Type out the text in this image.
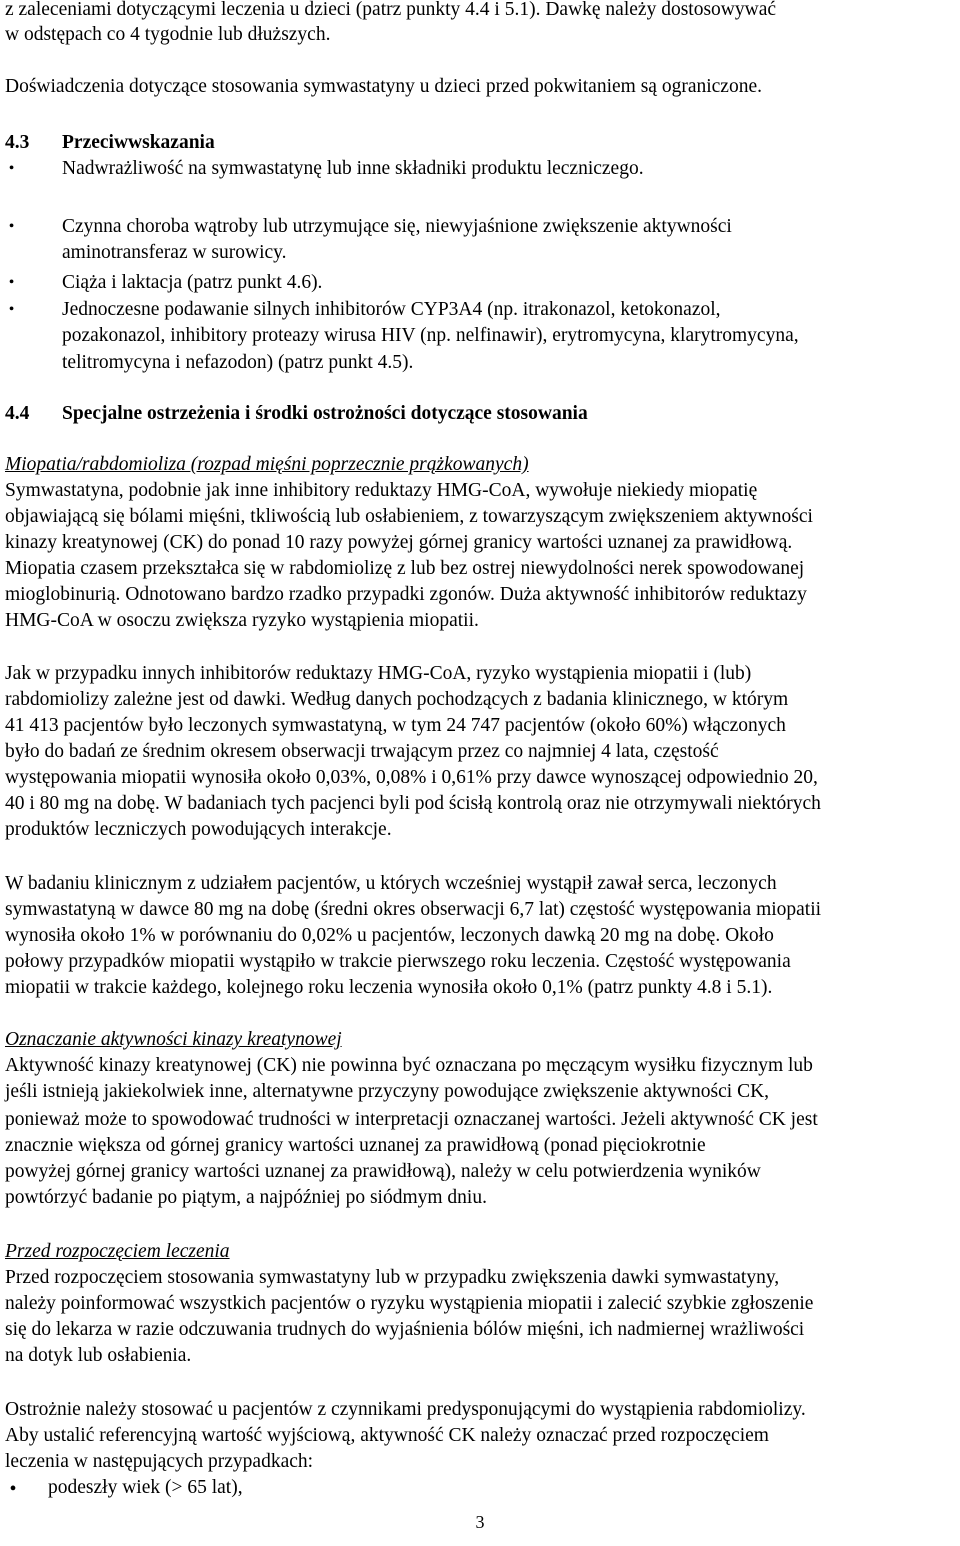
z zaleceniami dotyczącymi leczenia u dzieci (patrz punkty 4.4 i 5.1). Dawkę należy dostosowywać
w odstępach co 4 tygodnie lub dłuższych.
Doświadczenia dotyczące stosowania symwastatyny u dzieci przed pokwitaniem są ograniczone.
4.3 Przeciwwskazania
• Nadwrażliwość na symwastatynę lub inne składniki produktu leczniczego.
• Czynna choroba wątroby lub utrzymujące się, niewyjaśnione zwiększenie aktywności
aminotransferaz w surowicy.
• Ciąża i laktacja (patrz punkt 4.6).
• Jednoczesne podawanie silnych inhibitorów CYP3A4 (np. itrakonazol, ketokonazol,
pozakonazol, inhibitory proteazy wirusa HIV (np. nelfinawir), erytromycyna, klarytromycyna,
telitromycyna i nefazodon) (patrz punkt 4.5).
4.4 Specjalne ostrzeżenia i środki ostrożności dotyczące stosowania
Miopatia/rabdomioliza (rozpad mięśni poprzecznie prążkowanych)
Symwastatyna, podobnie jak inne inhibitory reduktazy HMG-CoA, wywołuje niekiedy miopatię
objawiającą się bólami mięśni, tkliwością lub osłabieniem, z towarzyszącym zwiększeniem aktywności
kinazy kreatynowej (CK) do ponad 10 razy powyżej górnej granicy wartości uznanej za prawidłową.
Miopatia czasem przekształca się w rabdomiolizę z lub bez ostrej niewydolności nerek spowodowanej
mioglobinurią. Odnotowano bardzo rzadko przypadki zgonów. Duża aktywność inhibitorów reduktazy
HMG-CoA w osoczu zwiększa ryzyko wystąpienia miopatii.
Jak w przypadku innych inhibitorów reduktazy HMG-CoA, ryzyko wystąpienia miopatii i (lub)
rabdomiolizy zależne jest od dawki. Według danych pochodzących z badania klinicznego, w którym
41 413 pacjentów było leczonych symwastatyną, w tym 24 747 pacjentów (około 60%) włączonych
było do badań ze średnim okresem obserwacji trwającym przez co najmniej 4 lata, częstość
występowania miopatii wynosiła około 0,03%, 0,08% i 0,61% przy dawce wynoszącej odpowiednio 20,
40 i 80 mg na dobę. W badaniach tych pacjenci byli pod ścisłą kontrolą oraz nie otrzymywali niektórych
produktów leczniczych powodujących interakcje.
W badaniu klinicznym z udziałem pacjentów, u których wcześniej wystąpił zawał serca, leczonych
symwastatyną w dawce 80 mg na dobę (średni okres obserwacji 6,7 lat) częstość występowania miopatii
wynosiła około 1% w porównaniu do 0,02% u pacjentów, leczonych dawką 20 mg na dobę. Około
połowy przypadków miopatii wystąpiło w trakcie pierwszego roku leczenia. Częstość występowania
miopatii w trakcie każdego, kolejnego roku leczenia wynosiła około 0,1% (patrz punkty 4.8 i 5.1).
Oznaczanie aktywności kinazy kreatynowej
Aktywność kinazy kreatynowej (CK) nie powinna być oznaczana po męczącym wysiłku fizycznym lub
jeśli istnieją jakiekolwiek inne, alternatywne przyczyny powodujące zwiększenie aktywności CK,
ponieważ może to spowodować trudności w interpretacji oznaczanej wartości. Jeżeli aktywność CK jest
znacznie większa od górnej granicy wartości uznanej za prawidłową (ponad pięciokrotnie
powyżej górnej granicy wartości uznanej za prawidłową), należy w celu potwierdzenia wyników
powtórzyć badanie po piątym, a najpóźniej po siódmym dniu.
Przed rozpoczęciem leczenia
Przed rozpoczęciem stosowania symwastatyny lub w przypadku zwiększenia dawki symwastatyny,
należy poinformować wszystkich pacjentów o ryzyku wystąpienia miopatii i zalecić szybkie zgłoszenie
się do lekarza w razie odczuwania trudnych do wyjaśnienia bólów mięśni, ich nadmiernej wrażliwości
na dotyk lub osłabienia.
Ostrożnie należy stosować u pacjentów z czynnikami predysponującymi do wystąpienia rabdomiolizy.
Aby ustalić referencyjną wartość wyjściową, aktywność CK należy oznaczać przed rozpoczęciem
leczenia w następujących przypadkach:
• podeszły wiek (> 65 lat),
3
